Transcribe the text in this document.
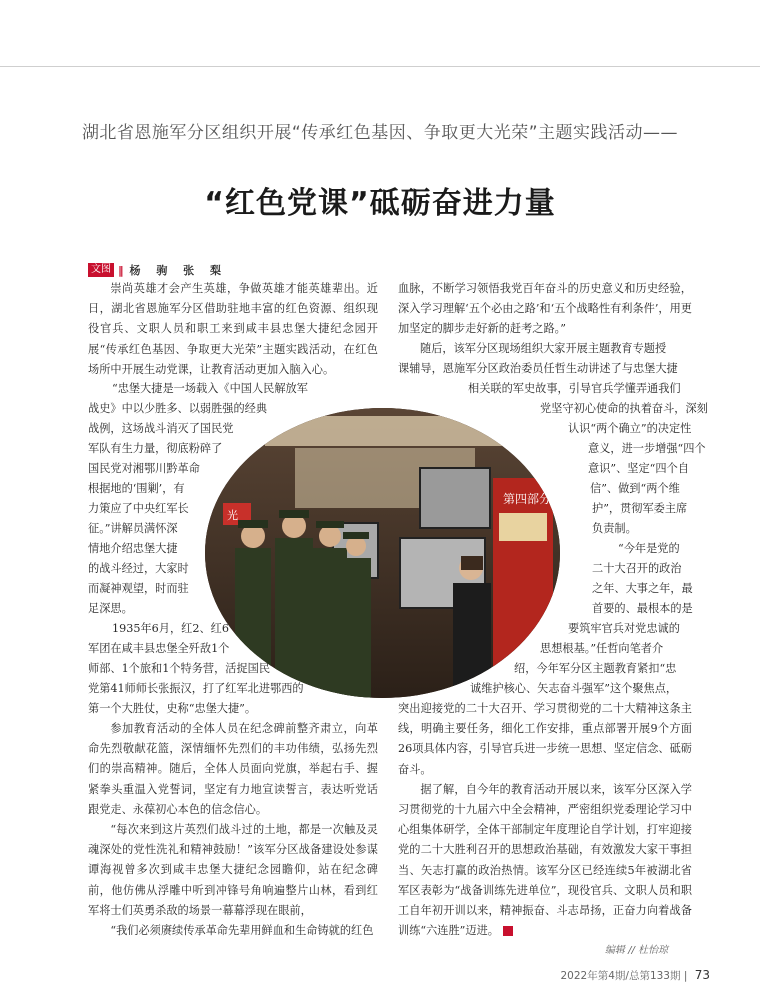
湖北省恩施军分区组织开展“传承红色基因、争取更大光荣”主题实践活动——
“红色党课”砥砺奋进力量
文图 ‖ 杨 驹 张 梨

崇尚英雄才会产生英雄，争做英雄才能英雄辈出。近日，湖北省恩施军分区借助驻地丰富的红色资源、组织现役官兵、文职人员和职工来到咸丰县忠堡大捷纪念园开展“传承红色基因、争取更大光荣”主题实践活动，在红色场所中开展生动党课，让教育活动更加入脑入心。

“忠堡大捷是一场载入《中国人民解放军
战史》中以少胜多、以弱胜强的经典
战例，这场战斗消灭了国民党
军队有生力量，彻底粉碎了
国民党对湘鄂川黔革命
根据地的‘围剿’，有
力策应了中央红军长
征。”讲解员满怀深
情地介绍忠堡大捷
的战斗经过，大家时
而凝神观望，时而驻
足深思。
1935年6月，红2、红6
军团在咸丰县忠堡全歼敌1个
师部、1个旅和1个特务营，活捉国民
党第41师师长张振汉，打了红军北进鄂西的
第一个大胜仗，史称“忠堡大捷”。

参加教育活动的全体人员在纪念碑前整齐肃立，向革命先烈敬献花篮，深情缅怀先烈们的丰功伟绩，弘扬先烈们的崇高精神。随后，全体人员面向党旗，举起右手、握紧拳头重温入党誓词，坚定有力地宣读誓言，表达听党话跟党走、永葆初心本色的信念信心。

“每次来到这片英烈们战斗过的土地，都是一次触及灵魂深处的党性洗礼和精神鼓励！”该军分区战备建设处参谋谭海视曾多次到咸丰忠堡大捷纪念园瞻仰，站在纪念碑前，他仿佛从浮雕中听到冲锋号角响遍整片山林，看到红军将士们英勇杀敌的场景一幕幕浮现在眼前，

“我们必须赓续传承革命先辈用鲜血和生命铸就的红色

血脉，不断学习领悟我党百年奋斗的历史意义和历史经验，深入学习理解‘五个必由之路’和‘五个战略性有利条件’，用更加坚定的脚步走好新的赶考之路。”

随后，该军分区现场组织大家开展主题教育专题授
课辅导，恩施军分区政治委员任哲生动讲述了与忠堡大捷
相关联的军史故事，引导官兵学懂弄通我们
党坚守初心使命的执着奋斗，深刻
认识“两个确立”的决定性
意义，进一步增强“四个
意识”、坚定“四个自
信”、做到“两个维
护”，贯彻军委主席
负责制。
“今年是党的
二十大召开的政治
之年、大事之年，最
首要的、最根本的是
要筑牢官兵对党忠诚的
思想根基。”任哲向笔者介
绍，今年军分区主题教育紧扣“忠
诚维护核心、矢志奋斗强军”这个聚焦点，

突出迎接党的二十大召开、学习贯彻党的二十大精神这条主线，明确主要任务，细化工作安排，重点部署开展9个方面26项具体内容，引导官兵进一步统一思想、坚定信念、砥砺奋斗。

据了解，自今年的教育活动开展以来，该军分区深入学习贯彻党的十九届六中全会精神，严密组织党委理论学习中心组集体研学，全体干部制定年度理论自学计划，打牢迎接党的二十大胜利召开的思想政治基础，有效激发大家干事担当、矢志打赢的政治热情。该军分区已经连续5年被湖北省军区表彰为“战备训练先进单位”，现役官兵、文职人员和职工自年初开训以来，精神振奋、斗志昂扬，正奋力向着战备训练“六连胜”迈进。	G

第四部分
光
编辑 // 杜怡琼
2022年第4期/总第133期 | 73
